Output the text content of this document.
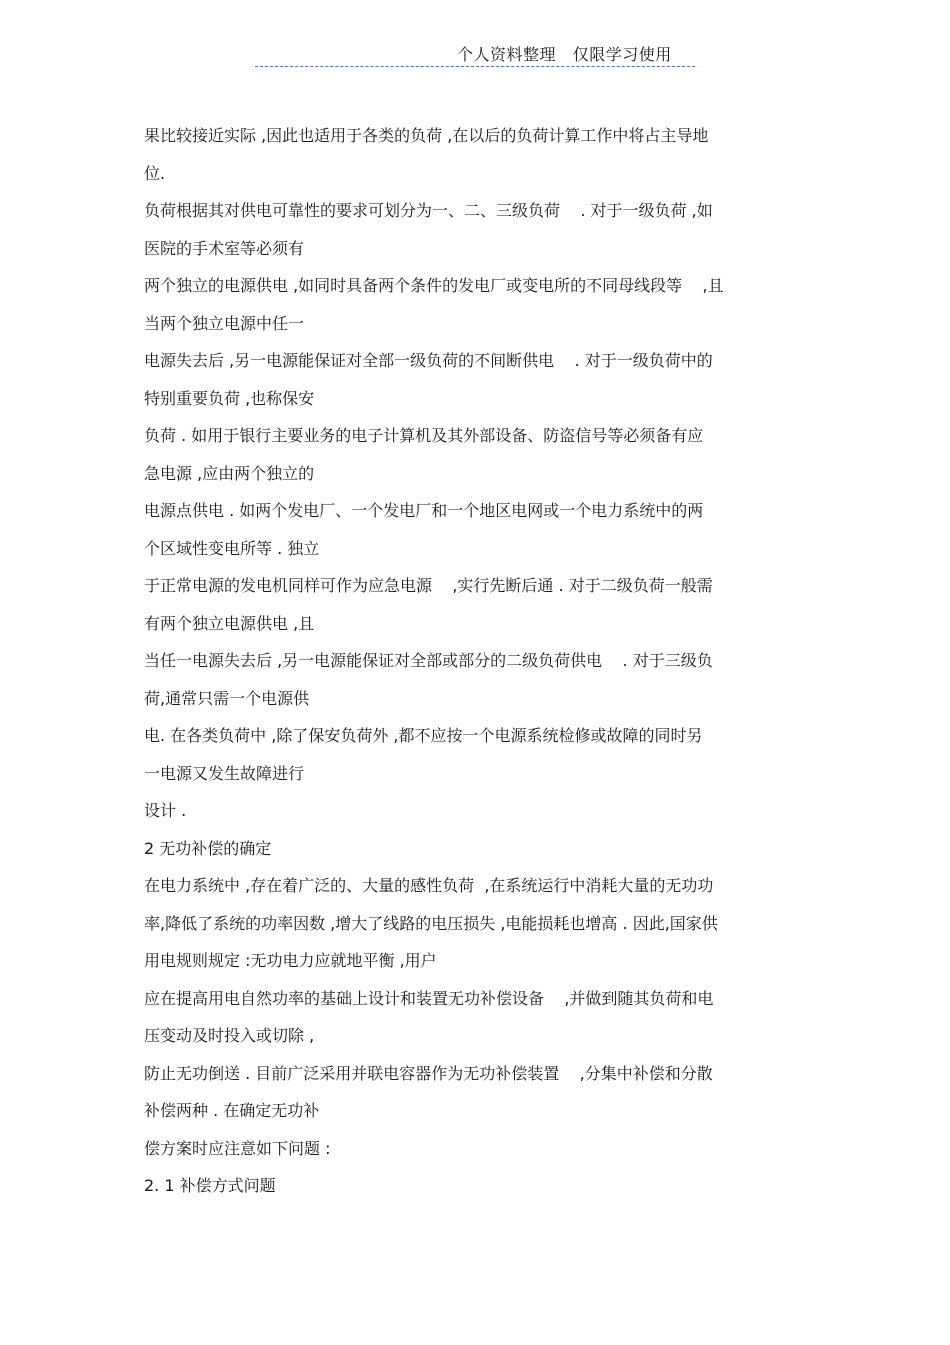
个人资料整理   仅限学习使用
果比较接近实际 ,因此也适用于各类的负荷 ,在以后的负荷计算工作中将占主导地
位.
负荷根据其对供电可靠性的要求可划分为一、二、三级负荷    . 对于一级负荷 ,如
医院的手术室等必须有
两个独立的电源供电 ,如同时具备两个条件的发电厂或变电所的不同母线段等    ,且
当两个独立电源中任一
电源失去后 ,另一电源能保证对全部一级负荷的不间断供电    . 对于一级负荷中的
特别重要负荷 ,也称保安
负荷 . 如用于银行主要业务的电子计算机及其外部设备、防盗信号等必须备有应
急电源 ,应由两个独立的
电源点供电 . 如两个发电厂、一个发电厂和一个地区电网或一个电力系统中的两
个区域性变电所等 . 独立
于正常电源的发电机同样可作为应急电源    ,实行先断后通 . 对于二级负荷一般需
有两个独立电源供电 ,且
当任一电源失去后 ,另一电源能保证对全部或部分的二级负荷供电    . 对于三级负
荷,通常只需一个电源供
电. 在各类负荷中 ,除了保安负荷外 ,都不应按一个电源系统检修或故障的同时另
一电源又发生故障进行
设计 .
2 无功补偿的确定
在电力系统中 ,存在着广泛的、大量的感性负荷  ,在系统运行中消耗大量的无功功
率,降低了系统的功率因数 ,增大了线路的电压损失 ,电能损耗也增高 . 因此,国家供
用电规则规定 :无功电力应就地平衡 ,用户
应在提高用电自然功率的基础上设计和装置无功补偿设备    ,并做到随其负荷和电
压变动及时投入或切除 ,
防止无功倒送 . 目前广泛采用并联电容器作为无功补偿装置    ,分集中补偿和分散
补偿两种 . 在确定无功补
偿方案时应注意如下问题 :
2. 1 补偿方式问题
